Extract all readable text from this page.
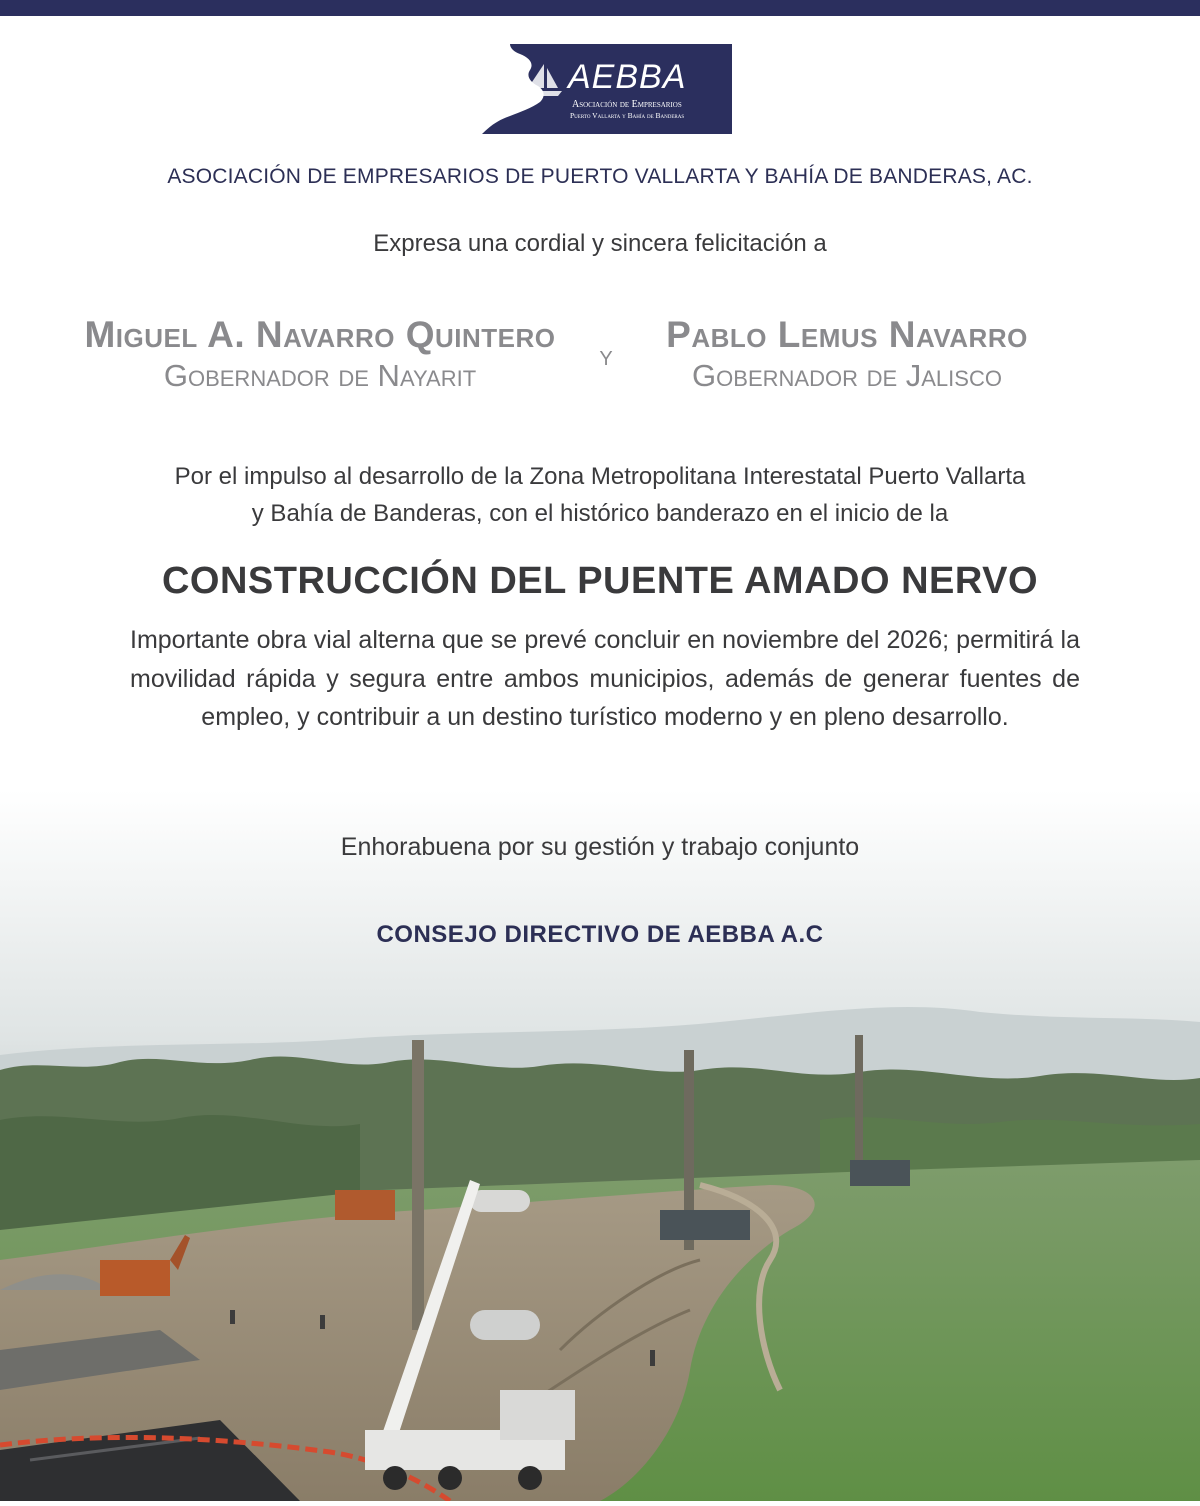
AEBBA
Asociación de Empresarios
Puerto Vallarta y Bahía de Banderas
ASOCIACIÓN DE EMPRESARIOS DE PUERTO VALLARTA Y BAHÍA DE BANDERAS, AC.
Expresa una cordial y sincera felicitación a
Miguel A. Navarro Quintero
Gobernador de Nayarit
y
Pablo Lemus Navarro
Gobernador de Jalisco
Por el impulso al desarrollo de la Zona Metropolitana Interestatal Puerto Vallarta
y Bahía de Banderas, con el histórico banderazo en el inicio de la
CONSTRUCCIÓN DEL PUENTE AMADO NERVO
Importante obra vial alterna que se prevé concluir en noviembre del 2026; permitirá la movilidad rápida y segura entre ambos municipios, además de generar fuentes de empleo, y contribuir a un destino turístico moderno y en pleno desarrollo.
Enhorabuena por su gestión y trabajo conjunto
CONSEJO DIRECTIVO DE AEBBA A.C
